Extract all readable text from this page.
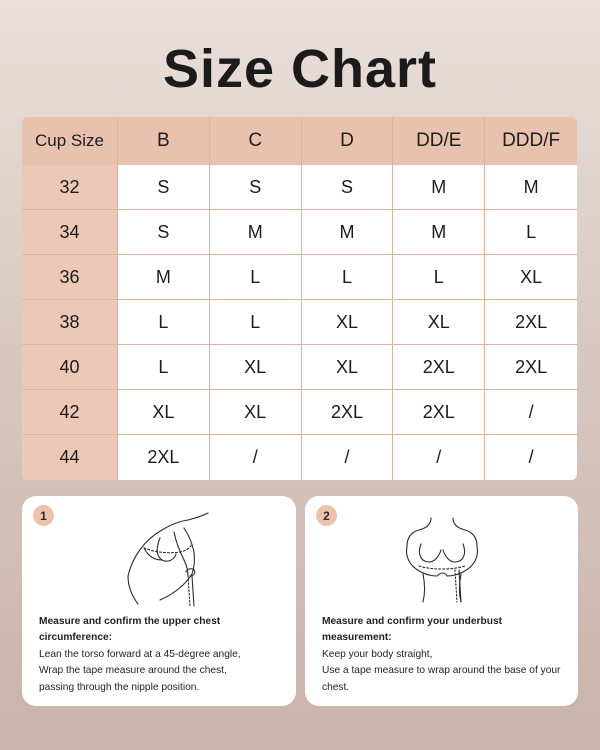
Size Chart
Cup Size	B	C	D	DD/E	DDD/F
32	S	S	S	M	M
34	S	M	M	M	L
36	M	L	L	L	XL
38	L	L	XL	XL	2XL
40	L	XL	XL	2XL	2XL
42	XL	XL	2XL	2XL	/
44	2XL	/	/	/	/
1
Measure and confirm the upper chest
circumference:
Lean the torso forward at a 45-degree angle,
Wrap the tape measure around the chest,
passing through the nipple position.
2
Measure and confirm your underbust
measurement:
Keep your body straight,
Use a tape measure to wrap around the base of your
chest.
